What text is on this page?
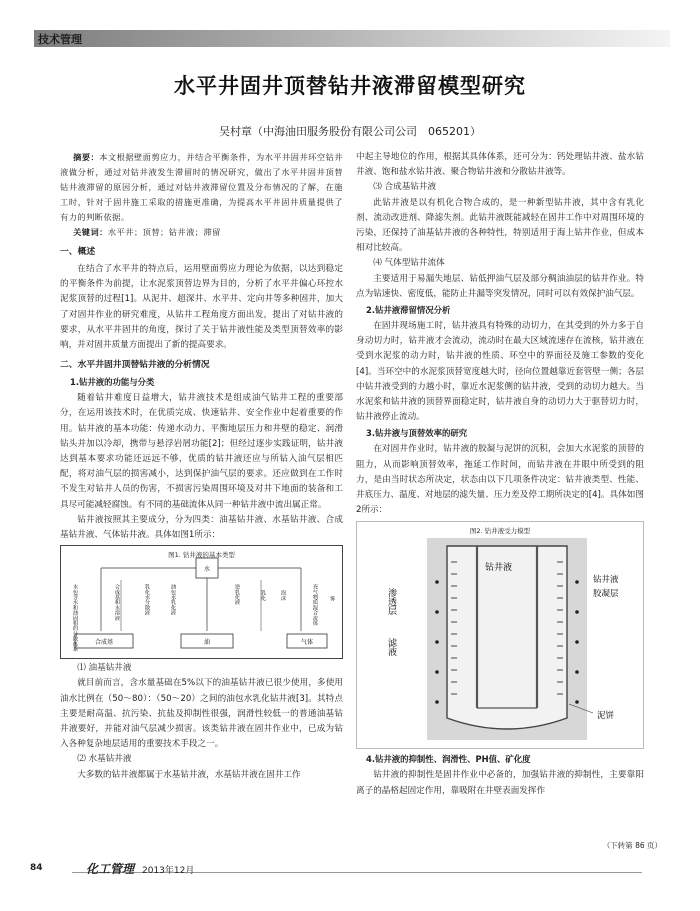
技术管理
水平井固井顶替钻井液滞留模型研究
吴村章（中海油田服务股份有限公司公司　065201）

摘要：本文根据壁面剪应力，并结合平衡条件，为水平井固井环空钻井液做分析，通过对钻井液发生滞留时的情况研究，做出了水平井固井顶替钻井液滞留的原因分析，通过对钻井液滞留位置及分布情况的了解，在施工时，针对于固井施工采取的措施更准确，为提高水平井固井质量提供了有力的判断依据。

关键词：水平井；顶替；钻井液；滞留

一、概述

在结合了水平井的特点后，运用壁面剪应力理论为依据，以达到稳定的平衡条件为前提，让水泥浆顶替边界为目的，分析了水平井偏心环控水泥浆顶替的过程[1]。从泥井、超深井、水平井、定向井等多种固井，加大了对固井作业的研究难度，从钻井工程角度方面出发，提出了对钻井液的要求，从水平井固井的角度，探讨了关于钻井液性能及类型顶替效率的影响，并对固井质量方面提出了新的提高要求。

二、水平井固井顶替钻井液的分析情况
1.钻井液的功能与分类

随着钻井难度日益增大，钻井液技术是组成油气钻井工程的重要部分，在运用该技术时，在优质完成、快速钻井、安全作业中起着重要的作用。钻井液的基本功能：传递水动力、平衡地层压力和井壁的稳定、润滑钻头并加以冷却，携带与悬浮岩屑功能[2]；但经过逐步实践证明，钻井液达到基本要求功能还远远不够，优质的钻井液还应与所钻入油气层相匹配，将对油气层的损害减小，达到保护油气层的要求。还应做到在工作时不发生对钻井人员的伤害，不损害污染周围环境及对井下地面的装备和工具尽可能减轻腐蚀。有不同的基础流体从同一种钻井液中流出属正常。

钻井液按照其主要成分，分为四类：油基钻井液、水基钻井液、合成基钻井液、气体钻井液。具体如图1所示：

图1. 钻井液的基本类型
水
水包含水和油固相的分散体系	合成基和水溶液	乳化水分散液	油包水乳化液	逆乳化液	乳化	泡沫	充气物质混合流体 雾
合成基	油	气体

⑴ 油基钻井液

就目前而言，含水量基础在5%以下的油基钻井液已很少使用，多使用油水比例在（50～80）：（50～20）之间的油包水乳化钻井液[3]。其特点主要是耐高温、抗污染、抗盐及抑制性很强，润滑性较低一的普通油基钻井液要好，并能对油气层减少损害。该类钻井液在固井作业中，已成为钻入各种复杂地层适用的重要技术手段之一。

⑵ 水基钻井液

大多数的钻井液都属于水基钻井液，水基钻井液在固井工作

中起主导地位的作用，根据其具体体系，还可分为：钙处理钻井液、盐水钻井液、饱和盐水钻井液、聚合物钻井液和分散钻井液等。

⑶ 合成基钻井液

此钻井液是以有机化合物合成的，是一种新型钻井液，其中含有乳化剂、流动改进剂、降滤失剂。此钻井液既能减轻在固井工作中对周围环境的污染，还保持了油基钻井液的各种特性，特别适用于海上钻井作业，但成本相对比较高。

⑷ 气体型钻井流体

主要适用于易漏失地层、钻低押油气层及部分稠油油层的钻井作业。特点为钻速快、密度低，能防止井漏等突发情况，同时可以有效保护油气层。

2.钻井液滞留情况分析

在固井现场施工时，钻井液具有特殊的动切力，在其受到的外力多于自身动切力时，钻井液才会流动，流动时在最大区域流速存在流核，钻井液在受到水泥浆的动力时，钻井液的性质、环空中的界面径及施工参数的变化[4]。当环空中的水泥浆顶替宽度越大时，径向位置越靠近套管壁一侧；各层中钻井液受到的力越小时，靠近水泥浆侧的钻井液，受到的动切力越大。当水泥浆和钻井液的顶替界面稳定时，钻井液自身的动切力大于驱替切力时，钻井液停止流动。

3.钻井液与顶替效率的研究

在对固井作业时，钻井液的胶凝与泥饼的沉积，会加大水泥浆的顶替的阻力，从而影响顶替效率，拖延工作时间，而钻井液在井眼中所受到的阻力，是由当时状态所决定，状态由以下几项条件决定：钻井液类型、性能、井底压力、温度、对地层的滤失量、压力差及停工期所决定的[4]。具体如图2所示：

图2. 钻井液受力模型
钻井液
渗透层
滤液
钻井液
胶凝层
泥饼
4.钻井液的抑制性、润滑性、PH值、矿化度

钻井液的抑制性是固井作业中必备的，加强钻井液的抑制性，主要靠阳离子的晶格起固定作用，靠吸附在井壁表面发挥作

（下转第 86 页）
84	化工管理 2013年12月
